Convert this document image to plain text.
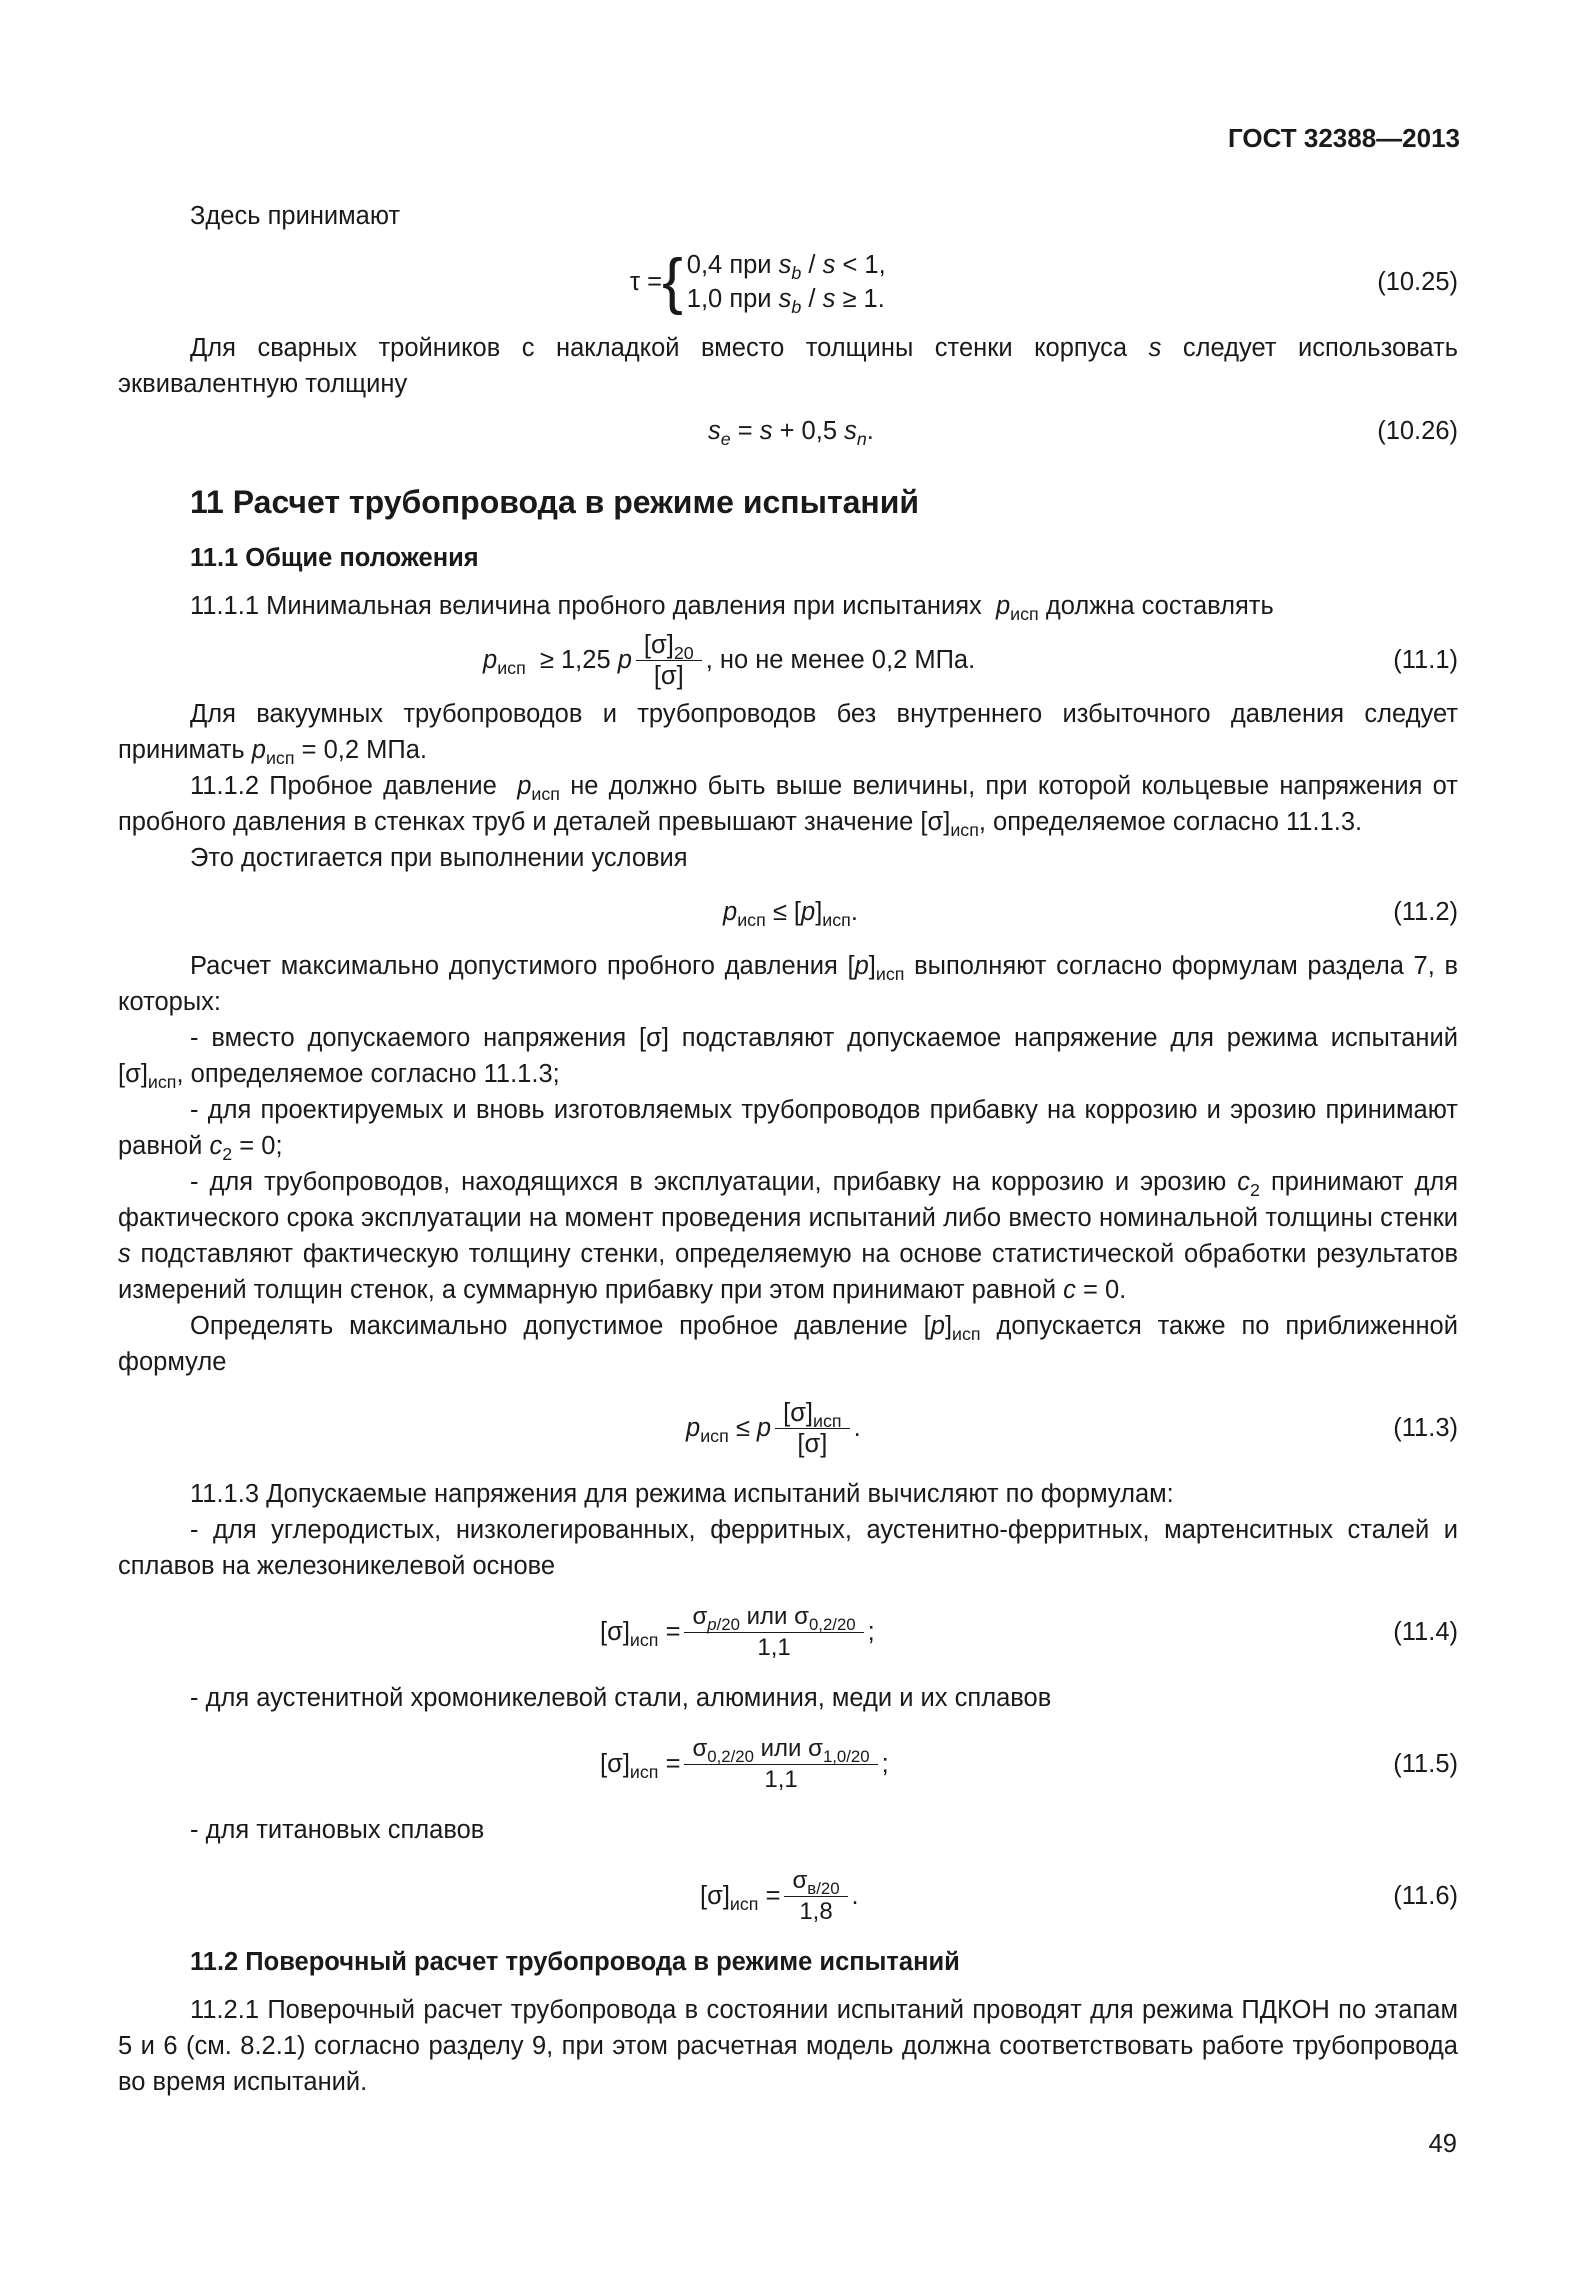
ГОСТ 32388—2013

Здесь принимают

τ = { 0,4 при $s_b / s < 1$,
1,0 при $s_b / s \ge 1$.
(10.25)

Для сварных тройников с накладкой вместо толщины стенки корпуса s следует использовать эквивалентную толщину

$s_e = s + 0,5$ $s_n$.	(10.26)
11 Расчет трубопровода в режиме испытаний
11.1 Общие положения

11.1.1 Минимальная величина пробного давления при испытаниях $p_{исп}$ должна составлять

$p_{исп} \ge 1,25$ p $\frac{[\sigma]_{20}}{[\sigma]}$ , но не менее 0,2 МПа.	(11.1)

Для вакуумных трубопроводов и трубопроводов без внутреннего избыточного давления следует принимать $p_{исп} = 0,2$ МПа.

11.1.2 Пробное давление $p_{исп}$ не должно быть выше величины, при которой кольцевые напряжения от пробного давления в стенках труб и деталей превышают значение $[\sigma]_{исп}$, определяемое согласно 11.1.3.

Это достигается при выполнении условия

$p_{исп} \le [p]_{исп}$.	(11.2)

Расчет максимально допустимого пробного давления $[p]_{исп}$ выполняют согласно формулам раздела 7, в которых:

- вместо допускаемого напряжения [σ] подставляют допускаемое напряжение для режима испытаний $[\sigma]_{исп}$, определяемое согласно 11.1.3;

- для проектируемых и вновь изготовляемых трубопроводов прибавку на коррозию и эрозию принимают равной $c_2 = 0$;

- для трубопроводов, находящихся в эксплуатации, прибавку на коррозию и эрозию $c_2$ принимают для фактического срока эксплуатации на момент проведения испытаний либо вместо номинальной толщины стенки s подставляют фактическую толщину стенки, определяемую на основе статистической обработки результатов измерений толщин стенок, а суммарную прибавку при этом принимают равной c = 0.

Определять максимально допустимое пробное давление $[p]_{исп}$ допускается также по приближенной формуле

$p_{исп} \le p \frac{[\sigma]_{исп}}{[\sigma]}$ .	(11.3)

11.1.3 Допускаемые напряжения для режима испытаний вычисляют по формулам:

- для углеродистых, низколегированных, ферритных, аустенитно-ферритных, мартенситных сталей и сплавов на железоникелевой основе

$[\sigma]_{исп} = \frac{\sigma_{p/20} или \sigma_{0,2/20}}{1,1}$ ;	(11.4)

- для аустенитной хромоникелевой стали, алюминия, меди и их сплавов

$[\sigma]_{исп} = \frac{\sigma_{0,2/20} или \sigma_{1,0/20}}{1,1}$ ;	(11.5)

- для титановых сплавов

$[\sigma]_{исп} = \frac{\sigma_{в/20}}{1,8}$ .	(11.6)
11.2 Поверочный расчет трубопровода в режиме испытаний

11.2.1 Поверочный расчет трубопровода в состоянии испытаний проводят для режима ПДКОН по этапам 5 и 6 (см. 8.2.1) согласно разделу 9, при этом расчетная модель должна соответствовать работе трубопровода во время испытаний.

49
